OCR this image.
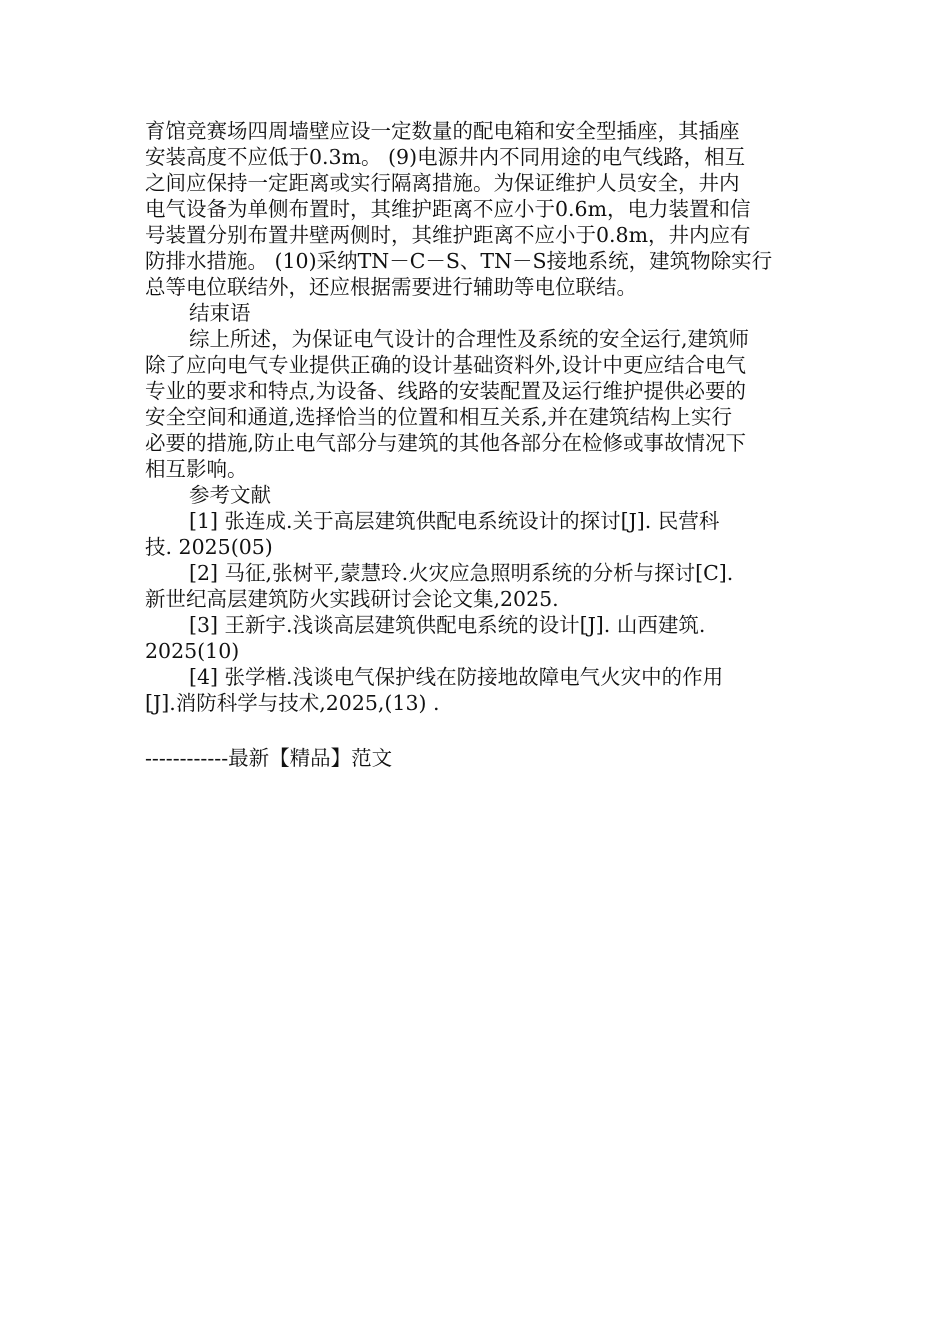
育馆竞赛场四周墙壁应设一定数量的配电箱和安全型插座，其插座
安装高度不应低于0.3m。 (9)电源井内不同用途的电气线路，相互
之间应保持一定距离或实行隔离措施。为保证维护人员安全，井内
电气设备为单侧布置时，其维护距离不应小于0.6m，电力装置和信
号装置分别布置井壁两侧时，其维护距离不应小于0.8m，井内应有
防排水措施。 (10)采纳TN－C－S、TN－S接地系统，建筑物除实行
总等电位联结外，还应根据需要进行辅助等电位联结。
结束语
综上所述，为保证电气设计的合理性及系统的安全运行,建筑师
除了应向电气专业提供正确的设计基础资料外,设计中更应结合电气
专业的要求和特点,为设备、线路的安装配置及运行维护提供必要的
安全空间和通道,选择恰当的位置和相互关系,并在建筑结构上实行
必要的措施,防止电气部分与建筑的其他各部分在检修或事故情况下
相互影响。
参考文献
[1] 张连成.关于高层建筑供配电系统设计的探讨[J]. 民营科
技. 2025(05)
[2] 马征,张树平,蒙慧玲.火灾应急照明系统的分析与探讨[C].
新世纪高层建筑防火实践研讨会论文集,2025.
[3] 王新宇.浅谈高层建筑供配电系统的设计[J]. 山西建筑.
2025(10)
[4] 张学楷.浅谈电气保护线在防接地故障电气火灾中的作用
[J].消防科学与技术,2025,(13) .
------------最新【精品】范文
